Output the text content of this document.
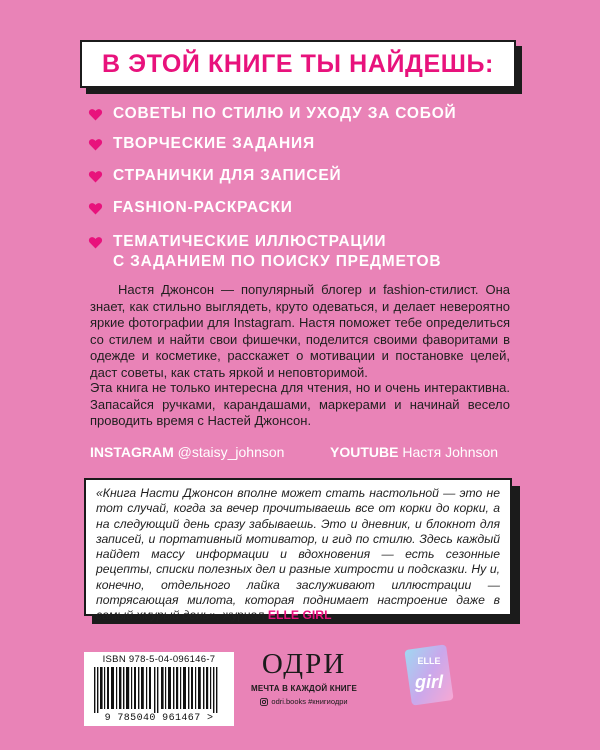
В ЭТОЙ КНИГЕ ТЫ НАЙДЕШЬ:
СОВЕТЫ ПО СТИЛЮ И УХОДУ ЗА СОБОЙ
ТВОРЧЕСКИЕ ЗАДАНИЯ
СТРАНИЧКИ ДЛЯ ЗАПИСЕЙ
FASHION-РАСКРАСКИ
ТЕМАТИЧЕСКИЕ ИЛЛЮСТРАЦИИ
С ЗАДАНИЕМ ПО ПОИСКУ ПРЕДМЕТОВ

Настя Джонсон — популярный блогер и fashion-стилист. Она знает, как стильно выглядеть, круто одеваться, и делает невероятно яркие фотографии для Instagram. Настя поможет тебе определиться со стилем и найти свои фишечки, поделится своими фаворитами в одежде и косметике, расскажет о мотивации и постановке целей, даст советы, как стать яркой и неповторимой.

Эта книга не только интересна для чтения, но и очень интерактивна. Запасайся ручками, карандашами, маркерами и начинай весело проводить время с Настей Джонсон.

INSTAGRAM @staisy_johnson	YOUTUBE Настя Johnson

«Книга Насти Джонсон вполне может стать настольной — это не тот случай, когда за вечер прочитываешь все от корки до корки, а на следующий день сразу забываешь. Это и дневник, и блокнот для записей, и портативный мотиватор, и гид по стилю. Здесь каждый найдет массу информации и вдохновения — есть сезонные рецепты, списки полезных дел и разные хитрости и подсказки. Ну и, конечно, отдельного лайка заслуживают иллюстрации — потрясающая милота, которая поднимает настроение даже в самый хмурый день», журнал ELLE GIRL

ISBN 978-5-04-096146-7
9 785040 961467 >
ОДРИ
МЕЧТА В КАЖДОЙ КНИГЕ
odri.books #книгиодри
ELLE
girl
